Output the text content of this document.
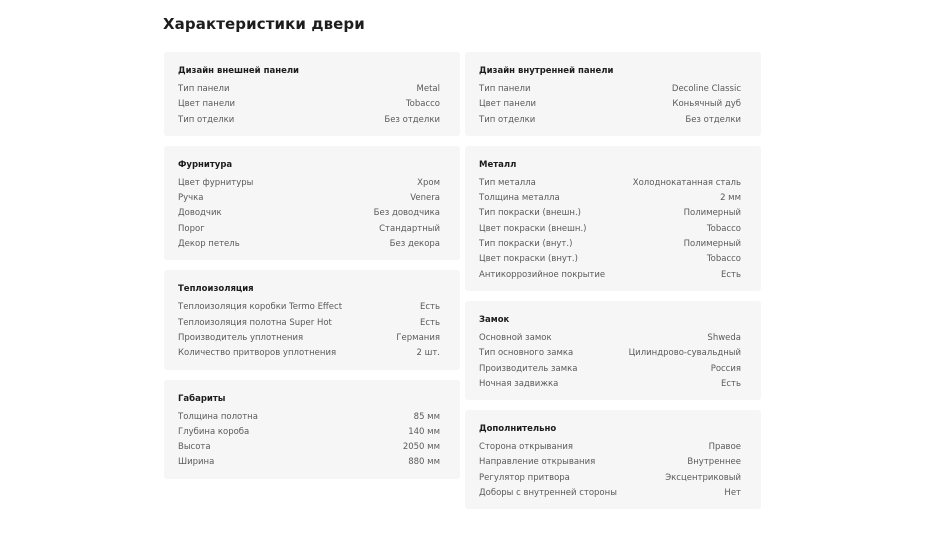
Характеристики двери
Дизайн внешней панели
Тип панели	Metal
Цвет панели	Tobacco
Тип отделки	Без отделки
Фурнитура
Цвет фурнитуры	Хром
Ручка	Venera
Доводчик	Без доводчика
Порог	Стандартный
Декор петель	Без декора
Теплоизоляция
Теплоизоляция коробки Termo Effect	Есть
Теплоизоляция полотна Super Hot	Есть
Производитель уплотнения	Германия
Количество притворов уплотнения	2 шт.
Габариты
Толщина полотна	85 мм
Глубина короба	140 мм
Высота	2050 мм
Ширина	880 мм
Дизайн внутренней панели
Тип панели	Decoline Classic
Цвет панели	Коньячный дуб
Тип отделки	Без отделки
Металл
Тип металла	Холоднокатанная сталь
Толщина металла	2 мм
Тип покраски (внешн.)	Полимерный
Цвет покраски (внешн.)	Tobacco
Тип покраски (внут.)	Полимерный
Цвет покраски (внут.)	Tobacco
Антикоррозийное покрытие	Есть
Замок
Основной замок	Shweda
Тип основного замка	Цилиндрово-сувальдный
Производитель замка	Россия
Ночная задвижка	Есть
Дополнительно
Сторона открывания	Правое
Направление открывания	Внутреннее
Регулятор притвора	Эксцентриковый
Доборы с внутренней стороны	Нет
